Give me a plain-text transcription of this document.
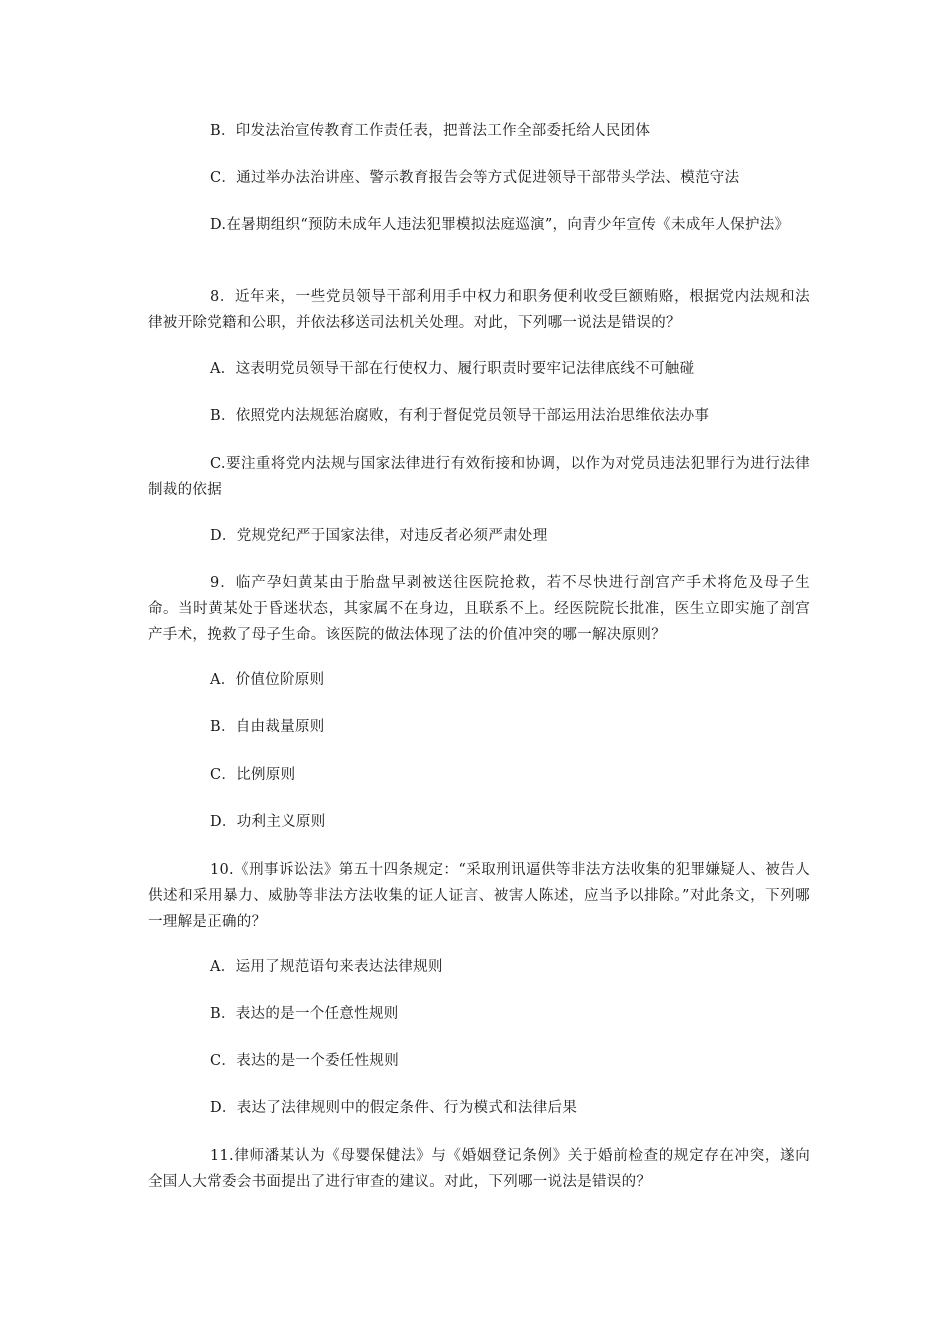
B．印发法治宣传教育工作责任表，把普法工作全部委托给人民团体

C．通过举办法治讲座、警示教育报告会等方式促进领导干部带头学法、模范守法

D.在暑期组织“预防未成年人违法犯罪模拟法庭巡演”，向青少年宣传《未成年人保护法》

8．近年来，一些党员领导干部利用手中权力和职务便利收受巨额贿赂，根据党内法规和法律被开除党籍和公职，并依法移送司法机关处理。对此，下列哪一说法是错误的？

A．这表明党员领导干部在行使权力、履行职责时要牢记法律底线不可触碰

B．依照党内法规惩治腐败，有利于督促党员领导干部运用法治思维依法办事

C.要注重将党内法规与国家法律进行有效衔接和协调，以作为对党员违法犯罪行为进行法律制裁的依据

D．党规党纪严于国家法律，对违反者必须严肃处理

9．临产孕妇黄某由于胎盘早剥被送往医院抢救，若不尽快进行剖宫产手术将危及母子生命。当时黄某处于昏迷状态，其家属不在身边，且联系不上。经医院院长批准，医生立即实施了剖宫产手术，挽救了母子生命。该医院的做法体现了法的价值冲突的哪一解决原则？

A．价值位阶原则

B．自由裁量原则

C．比例原则

D．功利主义原则

10.《刑事诉讼法》第五十四条规定：“采取刑讯逼供等非法方法收集的犯罪嫌疑人、被告人供述和采用暴力、威胁等非法方法收集的证人证言、被害人陈述，应当予以排除。”对此条文，下列哪一理解是正确的？

A．运用了规范语句来表达法律规则

B．表达的是一个任意性规则

C．表达的是一个委任性规则

D．表达了法律规则中的假定条件、行为模式和法律后果

11.律师潘某认为《母婴保健法》与《婚姻登记条例》关于婚前检查的规定存在冲突，遂向全国人大常委会书面提出了进行审查的建议。对此，下列哪一说法是错误的？
